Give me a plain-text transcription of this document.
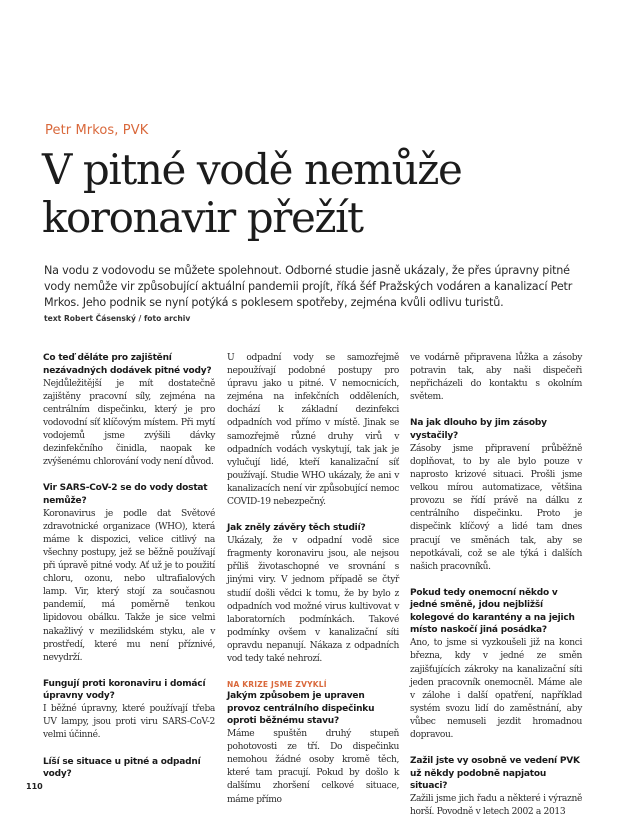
Petr Mrkos, PVK
V pitné vodě nemůže
koronavir přežít
Na vodu z vodovodu se můžete spolehnout. Odborné studie jasně ukázaly, že přes úpravny pitné vody nemůže vir způsobující aktuální pandemii projít, říká šéf Pražských vodáren a kanalizací Petr Mrkos. Jeho podnik se nyní potýká s poklesem spotřeby, zejména kvůli odlivu turistů.
text Robert Čásenský / foto archiv

Co teď děláte pro zajištění nezávadných dodávek pitné vody?

Nejdůležitější je mít dostatečně zajištěny pracovní síly, zejména na centrálním dispečinku, který je pro vodovodní síť klíčovým místem. Při mytí vodojemů jsme zvýšili dávky dezinfekčního činidla, naopak ke zvýšenému chlorování vody není důvod.

Vir SARS-CoV-2 se do vody dostat nemůže?

Koronavirus je podle dat Světové zdravotnické organizace (WHO), která máme k dispozici, velice citlivý na všechny postupy, jež se běžně používají při úpravě pitné vody. Ať už je to použití chloru, ozonu, nebo ultrafialových lamp. Vir, který stojí za současnou pandemií, má poměrně tenkou lipidovou obálku. Takže je sice velmi nakažlivý v mezilidském styku, ale v prostředí, které mu není příznivé, nevydrží.

Fungují proti koronaviru i domácí úpravny vody?

I běžné úpravny, které používají třeba UV lampy, jsou proti viru SARS-CoV-2 velmi účinné.

Líší se situace u pitné a odpadní vody?

U odpadní vody se samozřejmě nepoužívají podobné postupy pro úpravu jako u pitné. V nemocnicích, zejména na infekčních odděleních, dochází k základní dezinfekci odpadních vod přímo v místě. Jinak se samozřejmě různé druhy virů v odpadních vodách vyskytují, tak jak je vylučují lidé, kteří kanalizační síť používají. Studie WHO ukázaly, že ani v kanalizacích není vir způsobující nemoc COVID-19 nebezpečný.

Jak zněly závěry těch studií?

Ukázaly, že v odpadní vodě sice fragmenty koronaviru jsou, ale nejsou příliš životaschopné ve srovnání s jinými viry. V jednom případě se čtyř studií došli vědci k tomu, že by bylo z odpadních vod možné virus kultivovat v laboratorních podmínkách. Takové podmínky ovšem v kanalizační síti opravdu nepanují. Nákaza z odpadních vod tedy také nehrozí.

NA KRIZE JSME ZVYKLÍ

Jakým způsobem je upraven provoz centrálního dispečinku oproti běžnému stavu?

Máme spuštěn druhý stupeň pohotovosti ze tří. Do dispečinku nemohou žádné osoby kromě těch, které tam pracují. Pokud by došlo k dalšímu zhoršení celkové situace, máme přímo

ve vodárně připravena lůžka a zásoby potravin tak, aby naši dispečeři nepřicházeli do kontaktu s okolním světem.

Na jak dlouho by jim zásoby vystačily?

Zásoby jsme připravení průběžně doplňovat, to by ale bylo pouze v naprosto krizové situaci. Prošli jsme velkou mírou automatizace, většina provozu se řídí právě na dálku z centrálního dispečinku. Proto je dispečink klíčový a lidé tam dnes pracují ve směnách tak, aby se nepotkávali, což se ale týká i dalších našich pracovníků.

Pokud tedy onemocní někdo v jedné směně, jdou nejbližší kolegové do karantény a na jejich místo naskočí jiná posádka?

Ano, to jsme si vyzkoušeli již na konci března, kdy v jedné ze směn zajišťujících zákroky na kanalizační síti jeden pracovník onemocněl. Máme ale v zálohe i další opatření, například systém svozu lidí do zaměstnání, aby vůbec nemuseli jezdit hromadnou dopravou.

Zažil jste vy osobně ve vedení PVK už někdy podobně napjatou situaci?

Zažili jsme jich řadu a některé i výrazně horší. Povodně v letech 2002 a 2013

110
